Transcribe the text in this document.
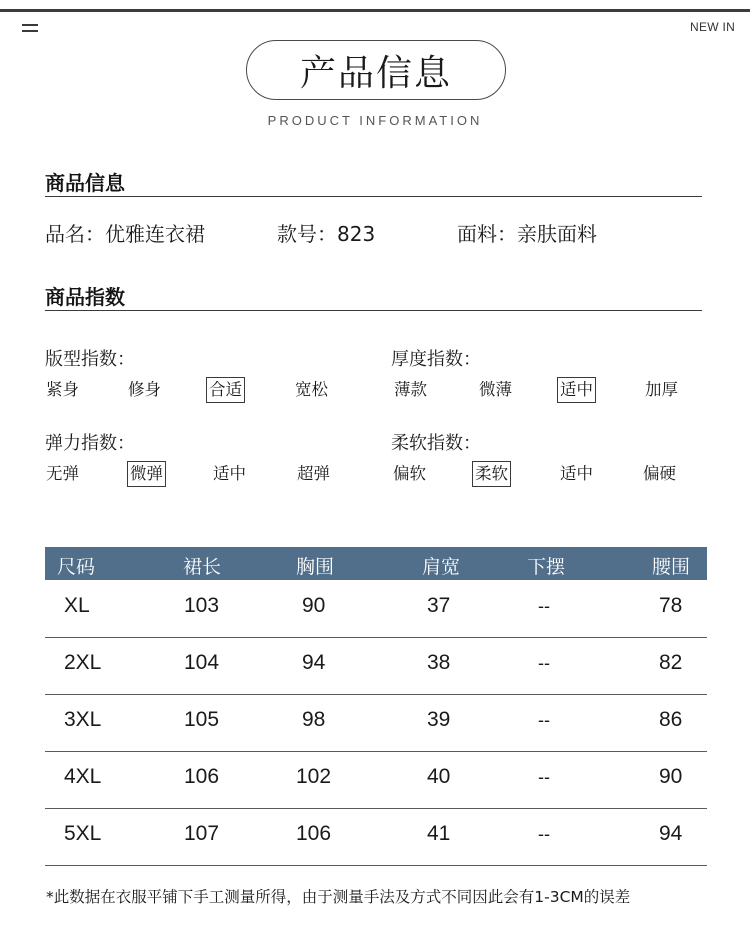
NEW IN
产品信息
PRODUCT INFORMATION
商品信息
品名：优雅连衣裙	款号：823	面料：亲肤面料
商品指数
版型指数：
紧身	修身	合适	宽松
厚度指数：
薄款	微薄	适中	加厚
弹力指数：
无弹	微弹	适中	超弹
柔软指数：
偏软	柔软	适中	偏硬
尺码	裙长	胸围	肩宽	下摆	腰围
XL	103	90	37	--	78
2XL	104	94	38	--	82
3XL	105	98	39	--	86
4XL	106	102	40	--	90
5XL	107	106	41	--	94
*此数据在衣服平铺下手工测量所得，由于测量手法及方式不同因此会有1-3CM的误差
